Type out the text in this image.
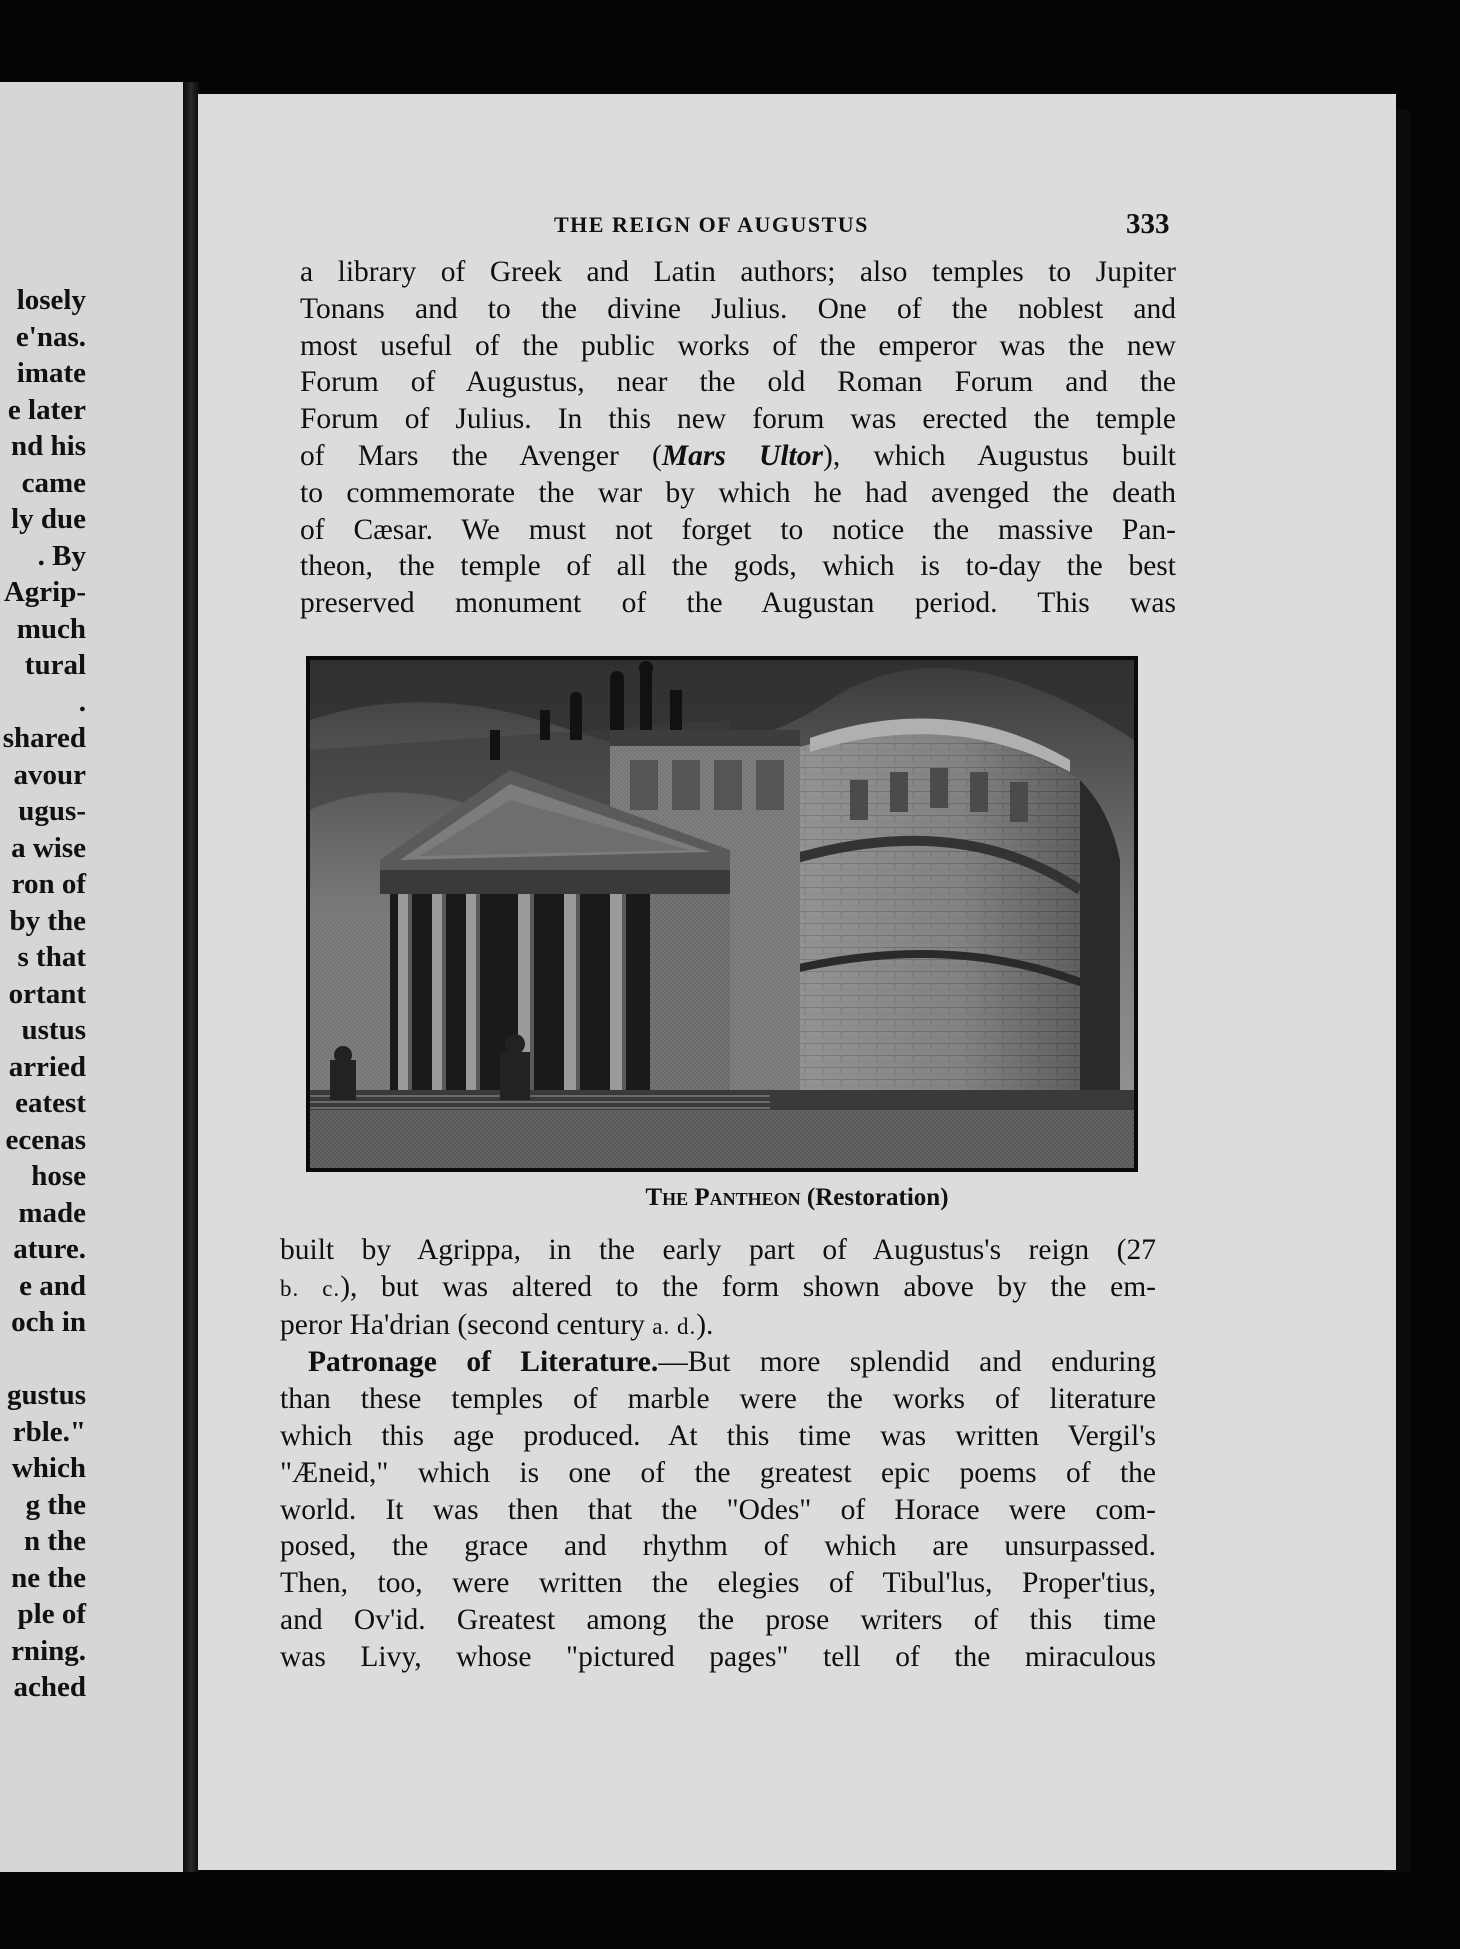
losely
e'nas.
imate
e later
nd his
came
ly due
. By
Agrip-
much
tural
.
shared
avour
ugus-
a wise
ron of
by the
s that
ortant
ustus
arried
eatest
ecenas
hose
made
ature.
e and
och in

gustus
rble."
which
g the
n the
ne the
ple of
rning.
ached
THE REIGN OF AUGUSTUS	333
a library of Greek and Latin authors; also temples to Jupiter
Tonans and to the divine Julius. One of the noblest and
most useful of the public works of the emperor was the new
Forum of Augustus, near the old Roman Forum and the
Forum of Julius. In this new forum was erected the temple
of Mars the Avenger (Mars Ultor), which Augustus built
to commemorate the war by which he had avenged the death
of Cæsar. We must not forget to notice the massive Pan-
theon, the temple of all the gods, which is to-day the best
preserved monument of the Augustan period. This was
The Pantheon (Restoration)
built by Agrippa, in the early part of Augustus's reign (27
b. c.), but was altered to the form shown above by the em-
peror Ha'drian (second century a. d.).
Patronage of Literature.—But more splendid and enduring
than these temples of marble were the works of literature
which this age produced. At this time was written Vergil's
"Æneid," which is one of the greatest epic poems of the
world. It was then that the "Odes" of Horace were com-
posed, the grace and rhythm of which are unsurpassed.
Then, too, were written the elegies of Tibul'lus, Proper'tius,
and Ov'id. Greatest among the prose writers of this time
was Livy, whose "pictured pages" tell of the miraculous
